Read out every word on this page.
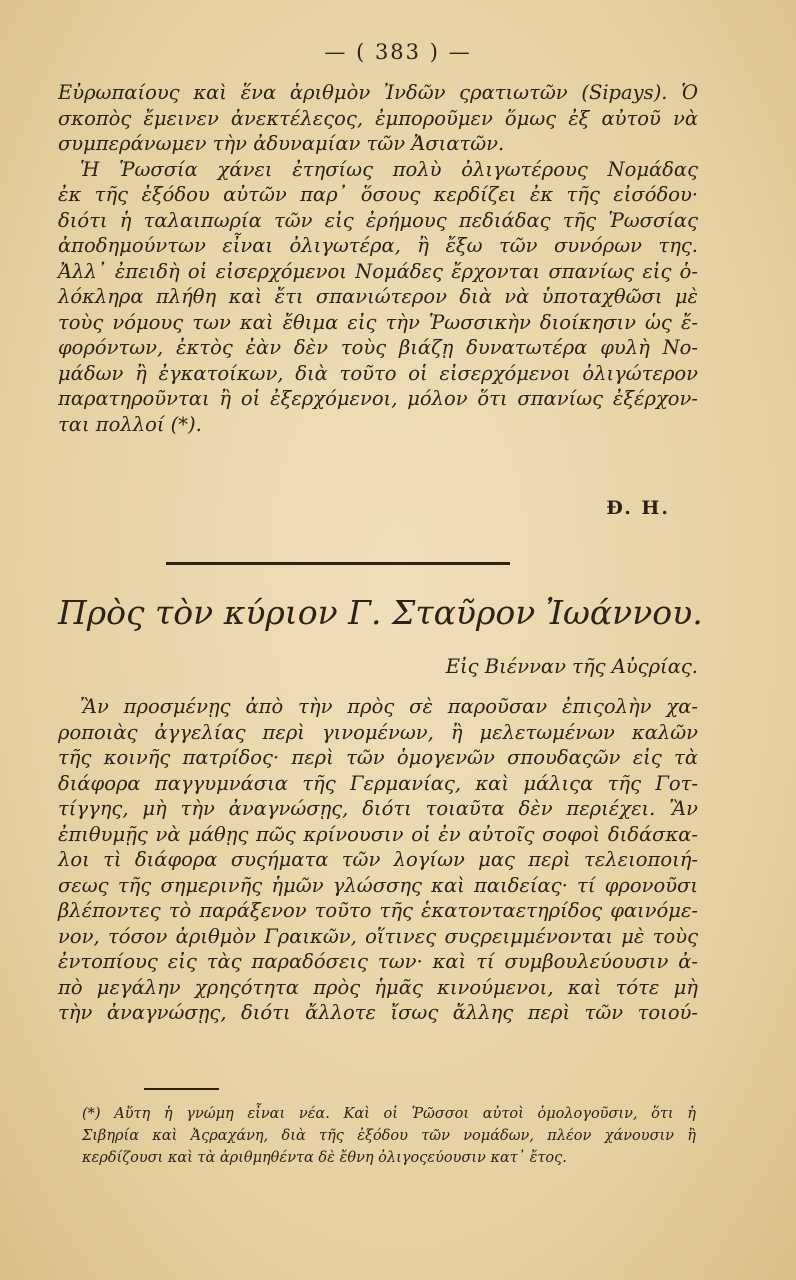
— ( 383 ) —
Εὐρωπαίους καὶ ἕνα ἀριθμὸν Ἰνδῶν ςρατιωτῶν (Sipays). Ὁ
σκοπὸς ἔμεινεν ἀνεκτέλεςος, ἐμποροῦμεν ὅμως ἐξ αὐτοῦ νὰ
συμπεράνωμεν τὴν ἀδυναμίαν τῶν Ἀσιατῶν.
Ἡ Ῥωσσία χάνει ἐτησίως πολὺ ὀλιγωτέρους Νομάδας
ἐκ τῆς ἐξόδου αὐτῶν παρ᾽ ὅσους κερδίζει ἐκ τῆς εἰσόδου·
διότι ἡ ταλαιπωρία τῶν εἰς ἐρήμους πεδιάδας τῆς Ῥωσσίας
ἀποδημούντων εἶναι ὀλιγωτέρα, ἢ ἔξω τῶν συνόρων της.
Ἀλλ᾽ ἐπειδὴ οἱ εἰσερχόμενοι Νομάδες ἔρχονται σπανίως εἰς ὁ-
λόκληρα πλήθη καὶ ἔτι σπανιώτερον διὰ νὰ ὑποταχθῶσι μὲ
τοὺς νόμους των καὶ ἔθιμα εἰς τὴν Ῥωσσικὴν διοίκησιν ὡς ἔ-
φορόντων, ἐκτὸς ἐὰν δὲν τοὺς βιάζῃ δυνατωτέρα φυλὴ Νο-
μάδων ἢ ἐγκατοίκων, διὰ τοῦτο οἱ εἰσερχόμενοι ὀλιγώτερον
παρατηροῦνται ἢ οἱ ἐξερχόμενοι, μόλον ὅτι σπανίως ἐξέρχον-
ται πολλοί (*).
Ð. H.
Πρὸς τὸν κύριον Γ. Σταῦρον Ἰωάννου.
Εἰς Βιένναν τῆς Αὐςρίας.
Ἂν προσμένῃς ἀπὸ τὴν πρὸς σὲ παροῦσαν ἐπιςολὴν χα-
ροποιὰς ἀγγελίας περὶ γινομένων, ἢ μελετωμένων καλῶν
τῆς κοινῆς πατρίδος· περὶ τῶν ὁμογενῶν σπουδαςῶν εἰς τὰ
διάφορα παγγυμνάσια τῆς Γερμανίας, καὶ μάλιςα τῆς Γοτ-
τίγγης, μὴ τὴν ἀναγνώσῃς, διότι τοιαῦτα δὲν περιέχει. Ἂν
ἐπιθυμῇς νὰ μάθῃς πῶς κρίνουσιν οἱ ἐν αὐτοῖς σοφοὶ διδάσκα-
λοι τὶ διάφορα συςήματα τῶν λογίων μας περὶ τελειοποιή-
σεως τῆς σημερινῆς ἡμῶν γλώσσης καὶ παιδείας· τί φρονοῦσι
βλέποντες τὸ παράξενον τοῦτο τῆς ἑκατονταετηρίδος φαινόμε-
νον, τόσον ἀριθμὸν Γραικῶν, οἵτινες συςρειμμένονται μὲ τοὺς
ἐντοπίους εἰς τὰς παραδόσεις των· καὶ τί συμβουλεύουσιν ἀ-
πὸ μεγάλην χρηςότητα πρὸς ἡμᾶς κινούμενοι, καὶ τότε μὴ
τὴν ἀναγνώσῃς, διότι ἄλλοτε ἴσως ἄλλης περὶ τῶν τοιού-
(*) Αὕτη ἡ γνώμη εἶναι νέα. Καὶ οἱ Ῥῶσσοι αὐτοὶ ὁμολογοῦσιν, ὅτι ἡ
Σιβηρία καὶ Ἀςραχάνη, διὰ τῆς ἐξόδου τῶν νομάδων, πλέον χάνουσιν ἢ
κερδίζουσι καὶ τὰ ἀριθμηθέντα δὲ ἔθνη ὀλιγοςεύουσιν κατ᾽ ἔτος.
